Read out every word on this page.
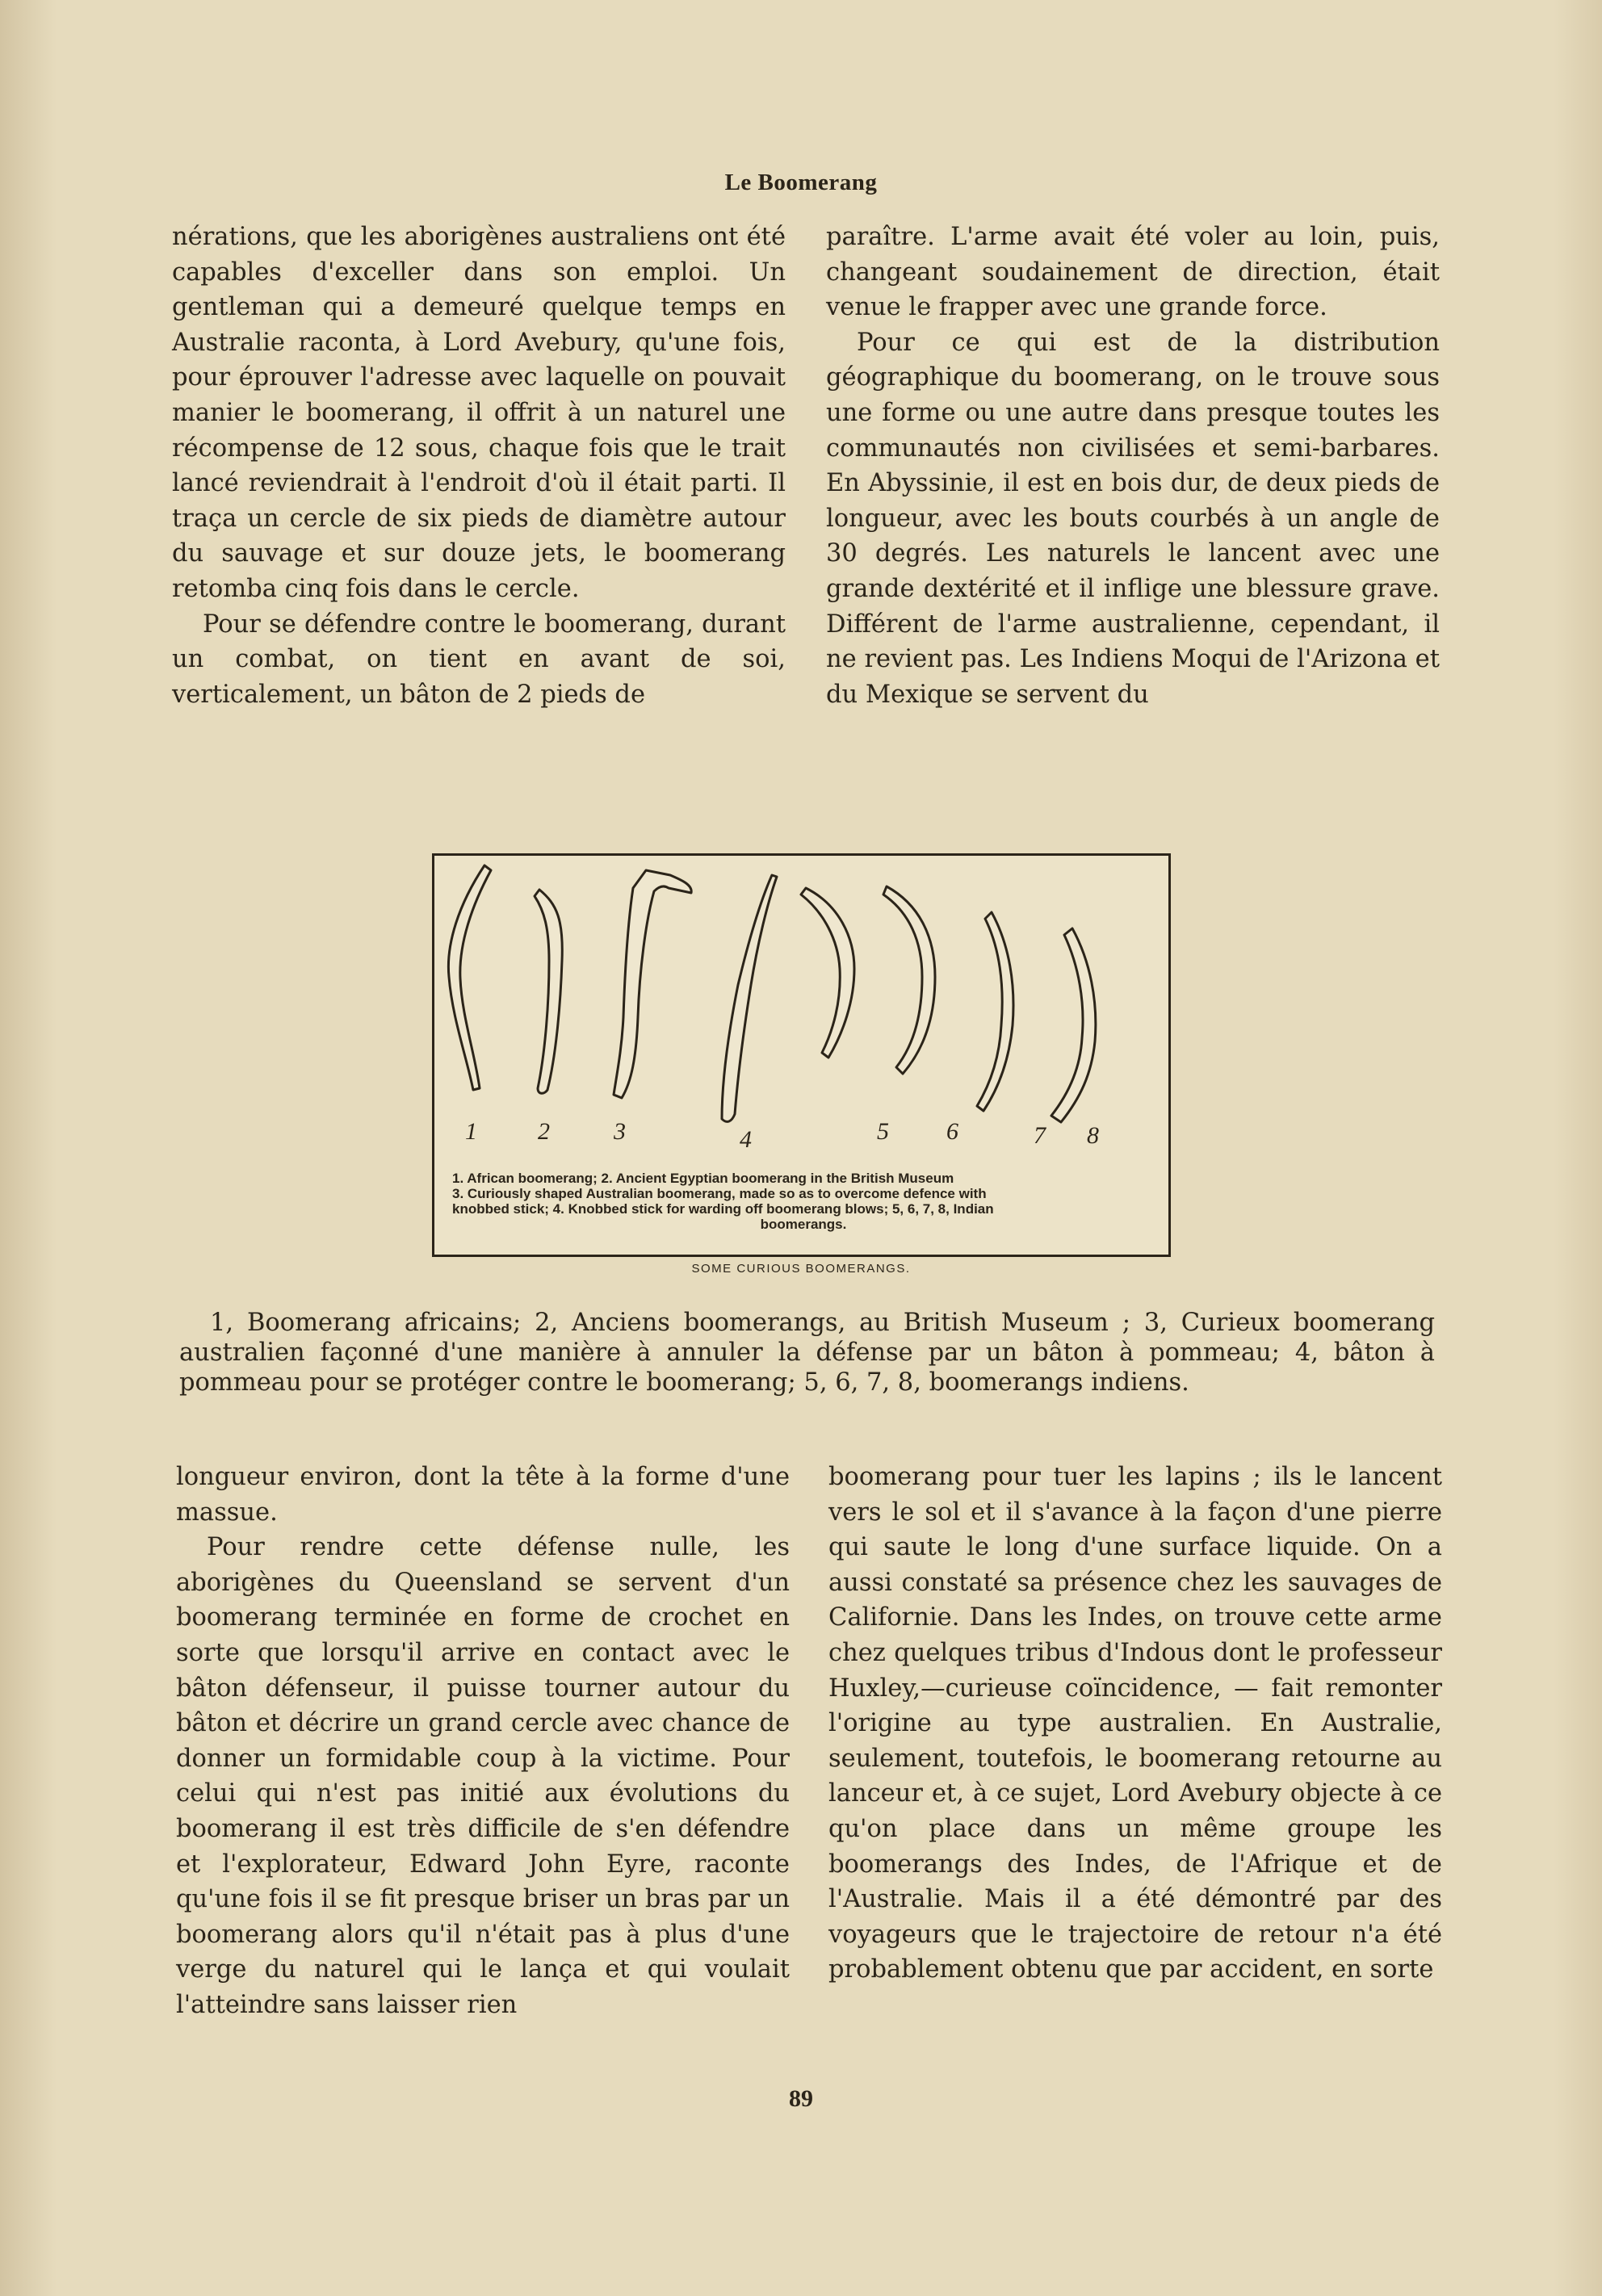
Le Boomerang

nérations, que les aborigènes australiens ont été capables d'exceller dans son emploi. Un gentleman qui a demeuré quelque temps en Australie raconta, à Lord Avebury, qu'une fois, pour éprouver l'adresse avec laquelle on pouvait manier le boomerang, il offrit à un naturel une récompense de 12 sous, chaque fois que le trait lancé reviendrait à l'endroit d'où il était parti. Il traça un cercle de six pieds de diamètre autour du sauvage et sur douze jets, le boomerang retomba cinq fois dans le cercle.

Pour se défendre contre le boomerang, durant un combat, on tient en avant de soi, verticalement, un bâton de 2 pieds de

paraître. L'arme avait été voler au loin, puis, changeant soudainement de direction, était venue le frapper avec une grande force.

Pour ce qui est de la distribution géographique du boomerang, on le trouve sous une forme ou une autre dans presque toutes les communautés non civilisées et semi-barbares. En Abyssinie, il est en bois dur, de deux pieds de longueur, avec les bouts courbés à un angle de 30 degrés. Les naturels le lancent avec une grande dextérité et il inflige une blessure grave. Différent de l'arme australienne, cependant, il ne revient pas. Les Indiens Moqui de l'Arizona et du Mexique se servent du

1	2	3	4	5 6	7 8
1. African boomerang; 2. Ancient Egyptian boomerang in the British Museum
3. Curiously shaped Australian boomerang, made so as to overcome defence with
knobbed stick; 4. Knobbed stick for warding off boomerang blows; 5, 6, 7, 8, Indian
boomerangs.
SOME CURIOUS BOOMERANGS.
1, Boomerang africains; 2, Anciens boomerangs, au British Museum ; 3, Curieux boomerang australien façonné d'une manière à annuler la défense par un bâton à pommeau; 4, bâton à pommeau pour se protéger contre le boomerang; 5, 6, 7, 8, boomerangs indiens.

longueur environ, dont la tête à la forme d'une massue.

Pour rendre cette défense nulle, les aborigènes du Queensland se servent d'un boomerang terminée en forme de crochet en sorte que lorsqu'il arrive en contact avec le bâton défenseur, il puisse tourner autour du bâton et décrire un grand cercle avec chance de donner un formidable coup à la victime. Pour celui qui n'est pas initié aux évolutions du boomerang il est très difficile de s'en défendre et l'explorateur, Edward John Eyre, raconte qu'une fois il se fit presque briser un bras par un boomerang alors qu'il n'était pas à plus d'une verge du naturel qui le lança et qui voulait l'atteindre sans laisser rien

boomerang pour tuer les lapins ; ils le lancent vers le sol et il s'avance à la façon d'une pierre qui saute le long d'une surface liquide. On a aussi constaté sa présence chez les sauvages de Californie. Dans les Indes, on trouve cette arme chez quelques tribus d'Indous dont le professeur Huxley,—curieuse coïncidence, — fait remonter l'origine au type australien. En Australie, seulement, toutefois, le boomerang retourne au lanceur et, à ce sujet, Lord Avebury objecte à ce qu'on place dans un même groupe les boomerangs des Indes, de l'Afrique et de l'Australie. Mais il a été démontré par des voyageurs que le trajectoire de retour n'a été probablement obtenu que par accident, en sorte

89
